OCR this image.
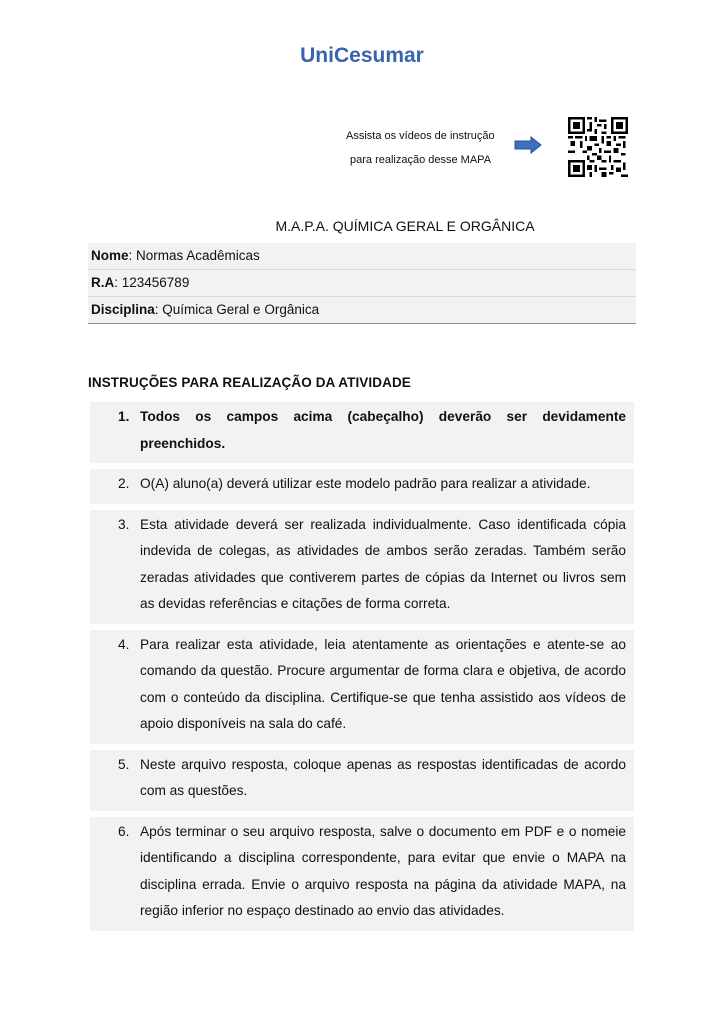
UniCesumar
Assista os vídeos de instrução
para realização desse MAPA
M.A.P.A. QUÍMICA GERAL E ORGÂNICA
Nome: Normas Acadêmicas
R.A: 123456789
Disciplina: Química Geral e Orgânica
INSTRUÇÕES PARA REALIZAÇÃO DA ATIVIDADE
1. Todos os campos acima (cabeçalho) deverão ser devidamente preenchidos.
2. O(A) aluno(a) deverá utilizar este modelo padrão para realizar a atividade.
3. Esta atividade deverá ser realizada individualmente. Caso identificada cópia indevida de colegas, as atividades de ambos serão zeradas. Também serão zeradas atividades que contiverem partes de cópias da Internet ou livros sem as devidas referências e citações de forma correta.
4. Para realizar esta atividade, leia atentamente as orientações e atente-se ao comando da questão. Procure argumentar de forma clara e objetiva, de acordo com o conteúdo da disciplina. Certifique-se que tenha assistido aos vídeos de apoio disponíveis na sala do café.
5. Neste arquivo resposta, coloque apenas as respostas identificadas de acordo com as questões.
6. Após terminar o seu arquivo resposta, salve o documento em PDF e o nomeie identificando a disciplina correspondente, para evitar que envie o MAPA na disciplina errada. Envie o arquivo resposta na página da atividade MAPA, na região inferior no espaço destinado ao envio das atividades.
